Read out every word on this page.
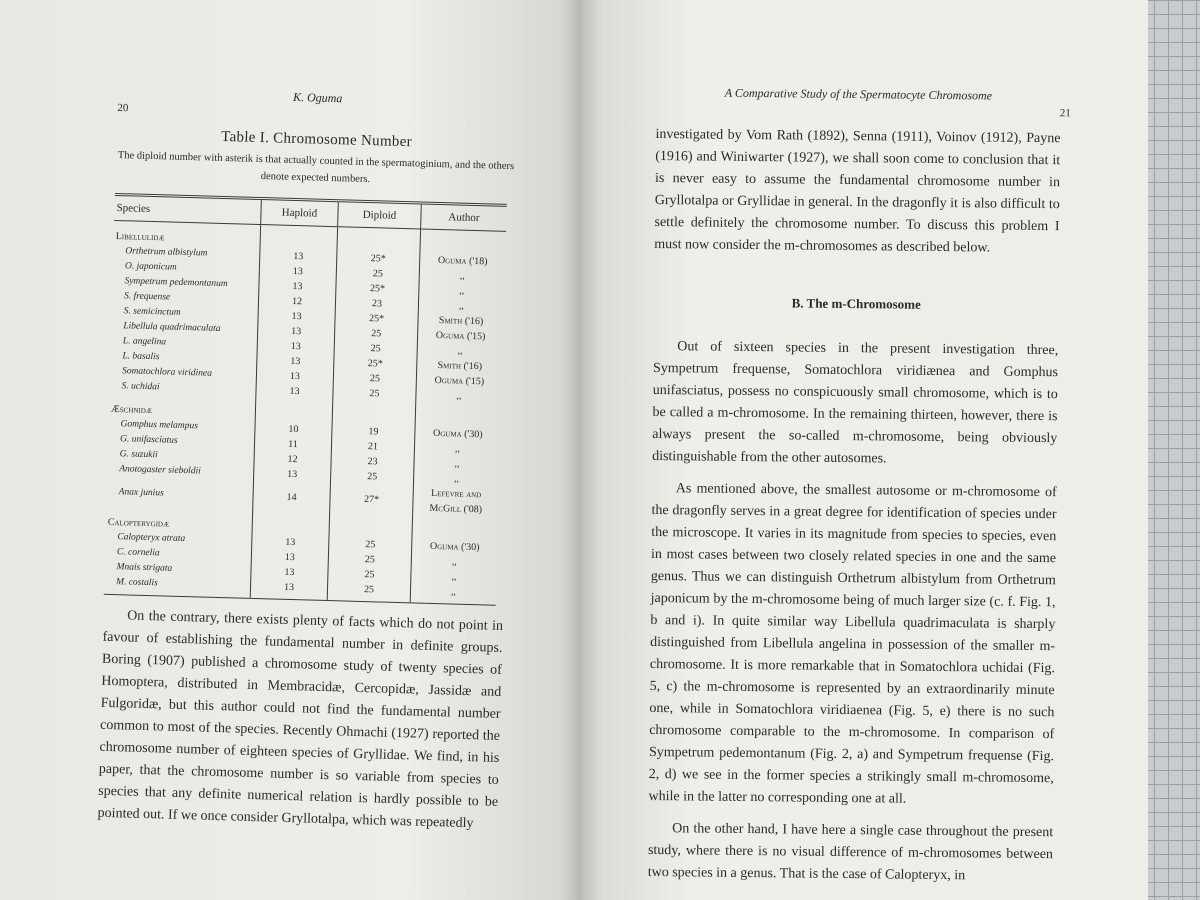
K. Oguma
20
Table I. Chromosome Number
The diploid number with asterik is that actually counted in the spermatoginium, and the others denote expected numbers.
Species	Haploid	Diploid	Author
Libellulidæ			
Orthetrum albistylum	13	25*	Oguma ('18)
O. japonicum	13	25	,,
Sympetrum pedemontanum	13	25*	,,
S. frequense	12	23	,,
S. semicinctum	13	25*	Smith ('16)
Libellula quadrimaculata	13	25	Oguma ('15)
L. angelina	13	25	,,
L. basalis	13	25*	Smith ('16)
Somatochlora viridinea	13	25	Oguma ('15)
S. uchidai	13	25	,,
Æschnidæ			
Gomphus melampus	10	19	Oguma ('30)
G. unifasciatus	11	21	,,
G. suzukii	12	23	,,
Anotogaster sieboldii	13	25	,,
Anax junius	14	27*	Lefevre and McGill ('08)
Calopterygidæ			
Calopteryx atrata	13	25	Oguma ('30)
C. cornelia	13	25	,,
Mnais strigata	13	25	,,
M. costalis	13	25	,,

On the contrary, there exists plenty of facts which do not point in favour of establishing the fundamental number in definite groups. Boring (1907) published a chromosome study of twenty species of Homoptera, distributed in Membracidæ, Cercopidæ, Jassidæ and Fulgoridæ, but this author could not find the fundamental number common to most of the species. Recently Ohmachi (1927) reported the chromosome number of eighteen species of Gryllidae. We find, in his paper, that the chromosome number is so variable from species to species that any definite numerical relation is hardly possible to be pointed out. If we once consider Gryllotalpa, which was repeatedly

A Comparative Study of the Spermatocyte Chromosome
21

investigated by Vom Rath (1892), Senna (1911), Voinov (1912), Payne (1916) and Winiwarter (1927), we shall soon come to conclusion that it is never easy to assume the fundamental chromosome number in Gryllotalpa or Gryllidae in general. In the dragonfly it is also difficult to settle definitely the chromosome number. To discuss this problem I must now consider the m-chromosomes as described below.

B. The m-Chromosome

Out of sixteen species in the present investigation three, Sympetrum frequense, Somatochlora viridiænea and Gomphus unifasciatus, possess no conspicuously small chromosome, which is to be called a m-chromosome. In the remaining thirteen, however, there is always present the so-called m-chromosome, being obviously distinguishable from the other autosomes.

As mentioned above, the smallest autosome or m-chromosome of the dragonfly serves in a great degree for identification of species under the microscope. It varies in its magnitude from species to species, even in most cases between two closely related species in one and the same genus. Thus we can distinguish Orthetrum albistylum from Orthetrum japonicum by the m-chromosome being of much larger size (c. f. Fig. 1, b and i). In quite similar way Libellula quadrimaculata is sharply distinguished from Libellula angelina in possession of the smaller m-chromosome. It is more remarkable that in Somatochlora uchidai (Fig. 5, c) the m-chromosome is represented by an extraordinarily minute one, while in Somatochlora viridiaenea (Fig. 5, e) there is no such chromosome comparable to the m-chromosome. In comparison of Sympetrum pedemontanum (Fig. 2, a) and Sympetrum frequense (Fig. 2, d) we see in the former species a strikingly small m-chromosome, while in the latter no corresponding one at all.

On the other hand, I have here a single case throughout the present study, where there is no visual difference of m-chromosomes between two species in a genus. That is the case of Calopteryx, in
